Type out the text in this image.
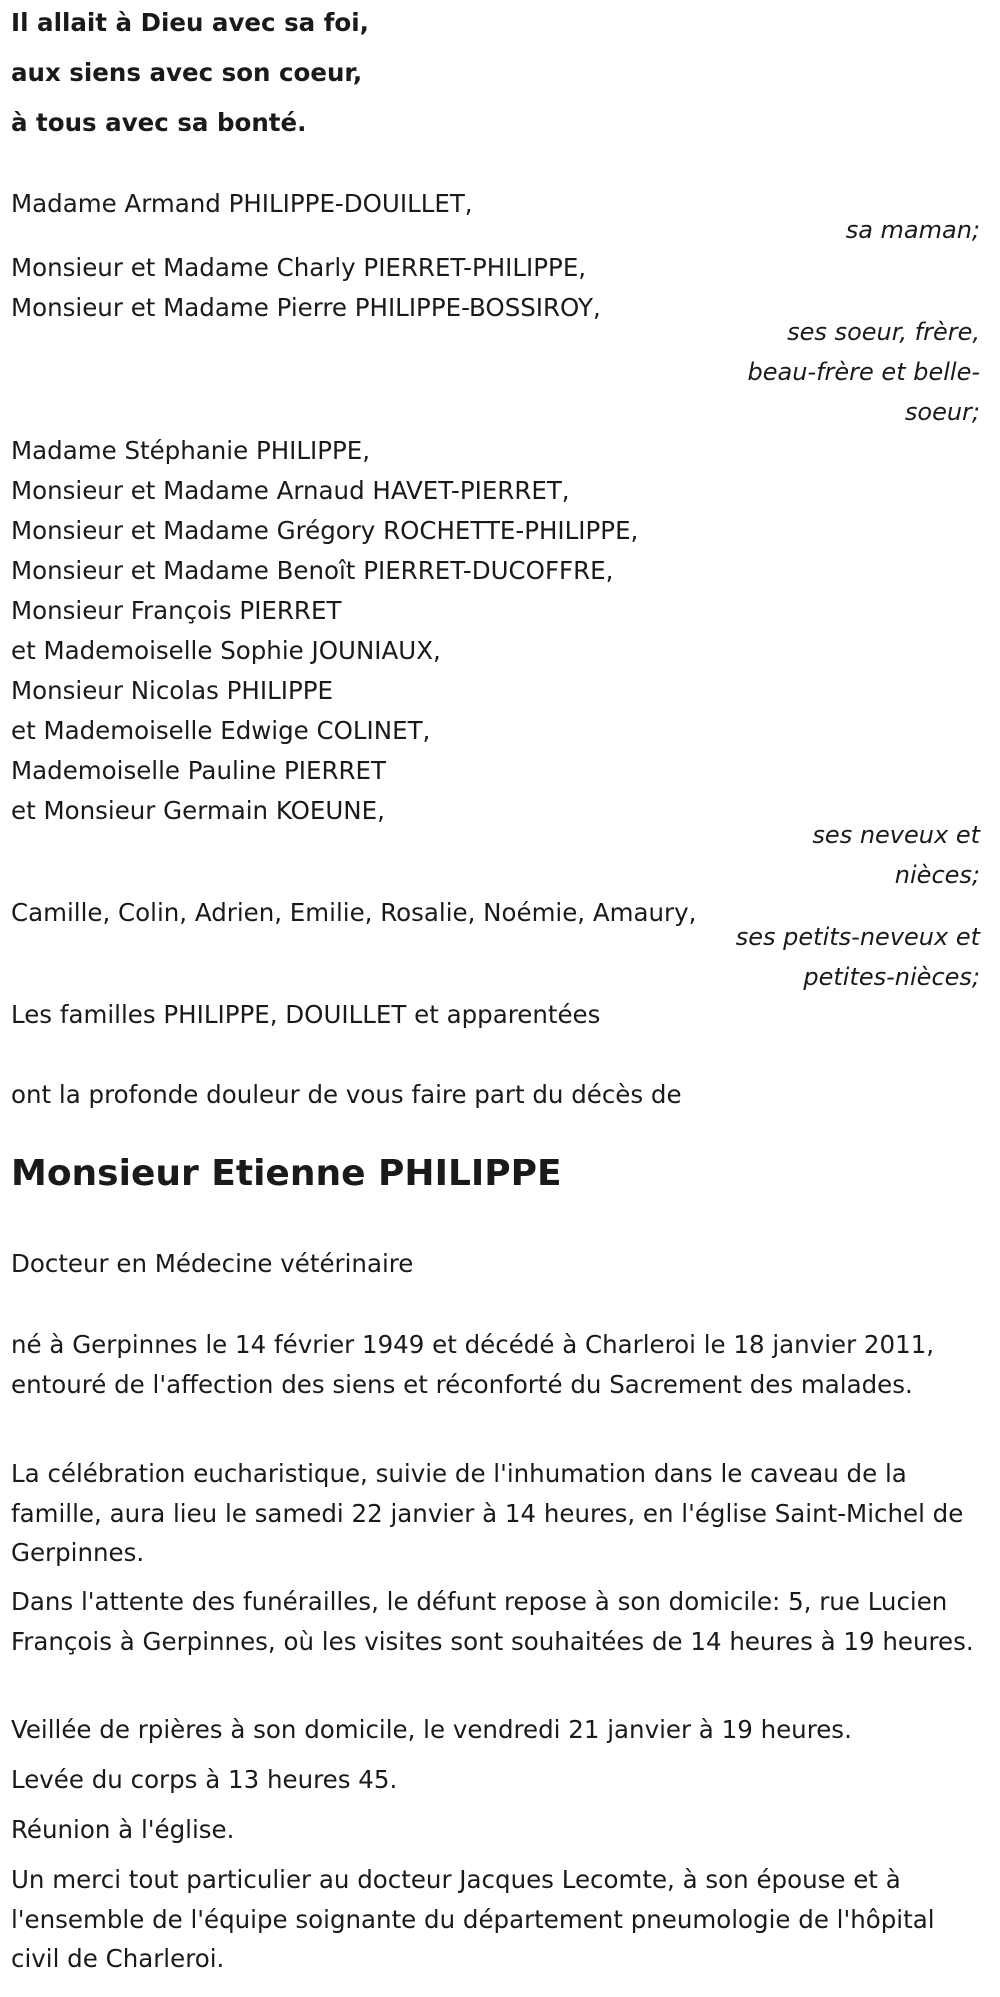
Il allait à Dieu avec sa foi,
aux siens avec son coeur,
à tous avec sa bonté.
Madame Armand PHILIPPE-DOUILLET,
sa maman;
Monsieur et Madame Charly PIERRET-PHILIPPE,
Monsieur et Madame Pierre PHILIPPE-BOSSIROY,
ses soeur, frère,
beau-frère et belle-
soeur;
Madame Stéphanie PHILIPPE,
Monsieur et Madame Arnaud HAVET-PIERRET,
Monsieur et Madame Grégory ROCHETTE-PHILIPPE,
Monsieur et Madame Benoît PIERRET-DUCOFFRE,
Monsieur François PIERRET
et Mademoiselle Sophie JOUNIAUX,
Monsieur Nicolas PHILIPPE
et Mademoiselle Edwige COLINET,
Mademoiselle Pauline PIERRET
et Monsieur Germain KOEUNE,
ses neveux et
nièces;
Camille, Colin, Adrien, Emilie, Rosalie, Noémie, Amaury,
ses petits-neveux et
petites-nièces;
Les familles PHILIPPE, DOUILLET et apparentées
ont la profonde douleur de vous faire part du décès de
Monsieur Etienne PHILIPPE
Docteur en Médecine vétérinaire

né à Gerpinnes le 14 février 1949 et décédé à Charleroi le 18 janvier 2011, entouré de l'affection des siens et réconforté du Sacrement des malades.

La célébration eucharistique, suivie de l'inhumation dans le caveau de la famille, aura lieu le samedi 22 janvier à 14 heures, en l'église Saint-Michel de Gerpinnes.

Dans l'attente des funérailles, le défunt repose à son domicile: 5, rue Lucien François à Gerpinnes, où les visites sont souhaitées de 14 heures à 19 heures.

Veillée de rpières à son domicile, le vendredi 21 janvier à 19 heures.

Levée du corps à 13 heures 45.

Réunion à l'église.

Un merci tout particulier au docteur Jacques Lecomte, à son épouse et à l'ensemble de l'équipe soignante du département pneumologie de l'hôpital civil de Charleroi.
